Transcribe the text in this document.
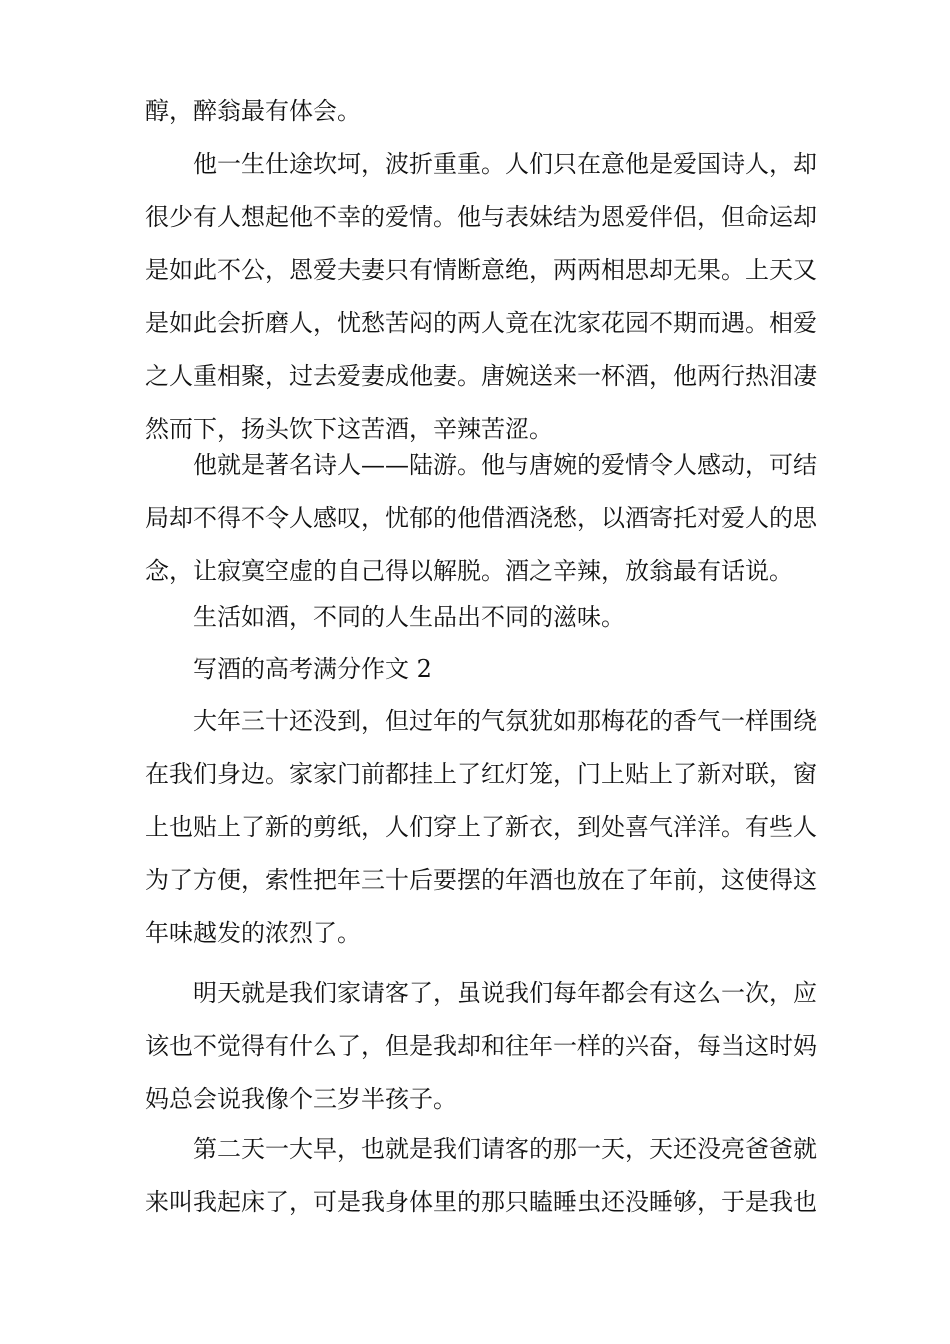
醇，醉翁最有体会。
他一生仕途坎坷，波折重重。人们只在意他是爱国诗人，却
很少有人想起他不幸的爱情。他与表妹结为恩爱伴侣，但命运却
是如此不公，恩爱夫妻只有情断意绝，两两相思却无果。上天又
是如此会折磨人，忧愁苦闷的两人竟在沈家花园不期而遇。相爱
之人重相聚，过去爱妻成他妻。唐婉送来一杯酒，他两行热泪凄
然而下，扬头饮下这苦酒，辛辣苦涩。
他就是著名诗人——陆游。他与唐婉的爱情令人感动，可结
局却不得不令人感叹，忧郁的他借酒浇愁，以酒寄托对爱人的思
念，让寂寞空虚的自己得以解脱。酒之辛辣，放翁最有话说。
生活如酒，不同的人生品出不同的滋味。
写酒的高考满分作文 2
大年三十还没到，但过年的气氛犹如那梅花的香气一样围绕
在我们身边。家家门前都挂上了红灯笼，门上贴上了新对联，窗
上也贴上了新的剪纸，人们穿上了新衣，到处喜气洋洋。有些人
为了方便，索性把年三十后要摆的年酒也放在了年前，这使得这
年味越发的浓烈了。
明天就是我们家请客了，虽说我们每年都会有这么一次，应
该也不觉得有什么了，但是我却和往年一样的兴奋，每当这时妈
妈总会说我像个三岁半孩子。
第二天一大早，也就是我们请客的那一天，天还没亮爸爸就
来叫我起床了，可是我身体里的那只瞌睡虫还没睡够，于是我也
